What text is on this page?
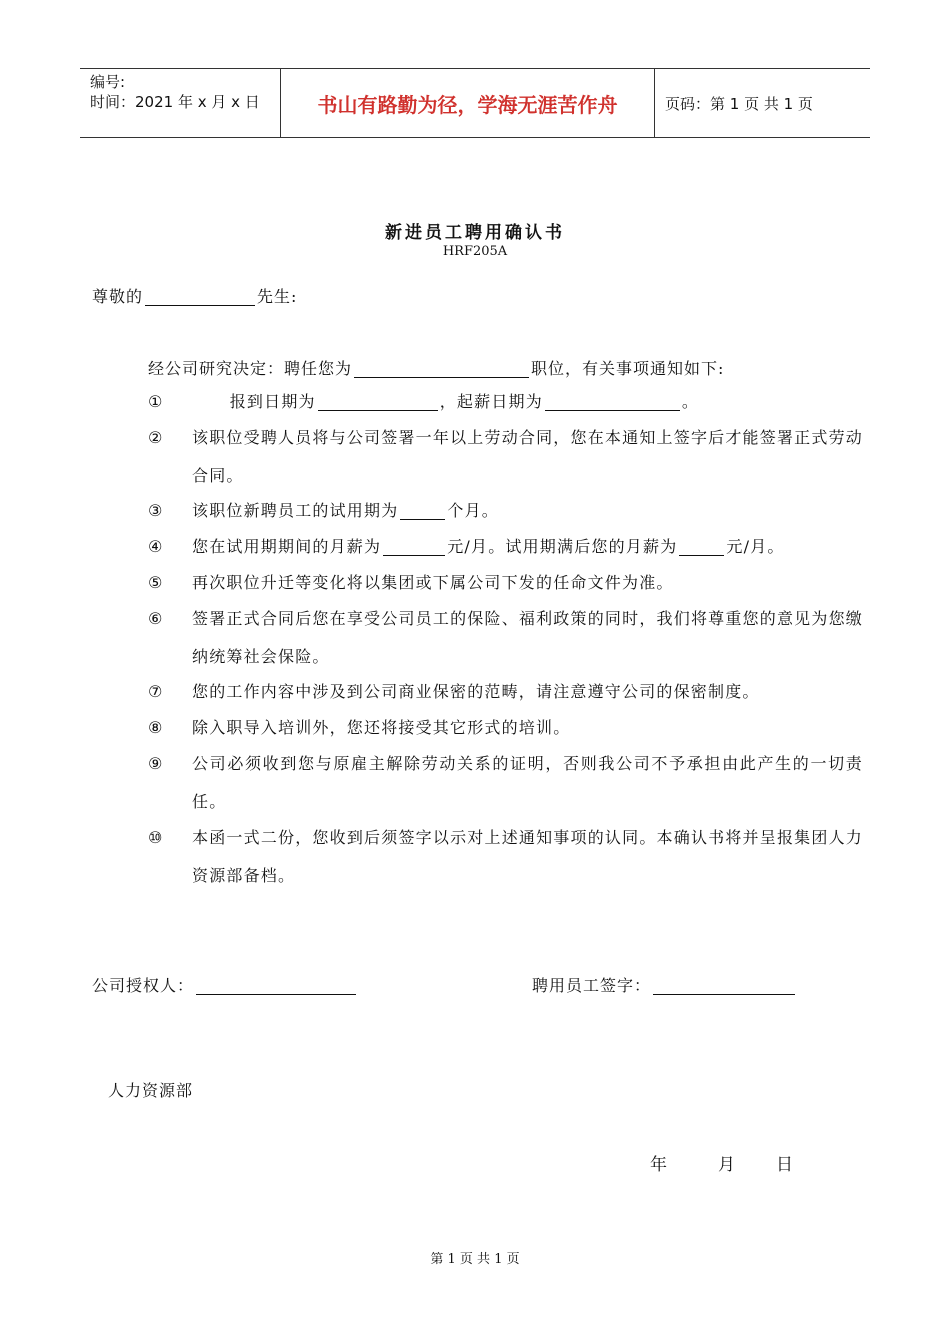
编号:
时间：2021 年 x 月 x 日	书山有路勤为径，学海无涯苦作舟	页码：第 1 页 共 1 页
新进员工聘用确认书
HRF205A
尊敬的	先生:
经公司研究决定：聘任您为	职位，有关事项通知如下:
①	报到日期为	，起薪日期为	。
②	该职位受聘人员将与公司签署一年以上劳动合同，您在本通知上签字后才能签署正式劳动合同。
③	该职位新聘员工的试用期为	个月。
④	您在试用期期间的月薪为	元/月。试用期满后您的月薪为	元/月。
⑤	再次职位升迁等变化将以集团或下属公司下发的任命文件为准。
⑥	签署正式合同后您在享受公司员工的保险、福利政策的同时，我们将尊重您的意见为您缴纳统筹社会保险。
⑦	您的工作内容中涉及到公司商业保密的范畴，请注意遵守公司的保密制度。
⑧	除入职导入培训外，您还将接受其它形式的培训。
⑨	公司必须收到您与原雇主解除劳动关系的证明，否则我公司不予承担由此产生的一切责任。
⑩	本函一式二份，您收到后须签字以示对上述通知事项的认同。本确认书将并呈报集团人力资源部备档。
公司授权人：	聘用员工签字：
人力资源部
年	月 日
第 1 页 共 1 页
